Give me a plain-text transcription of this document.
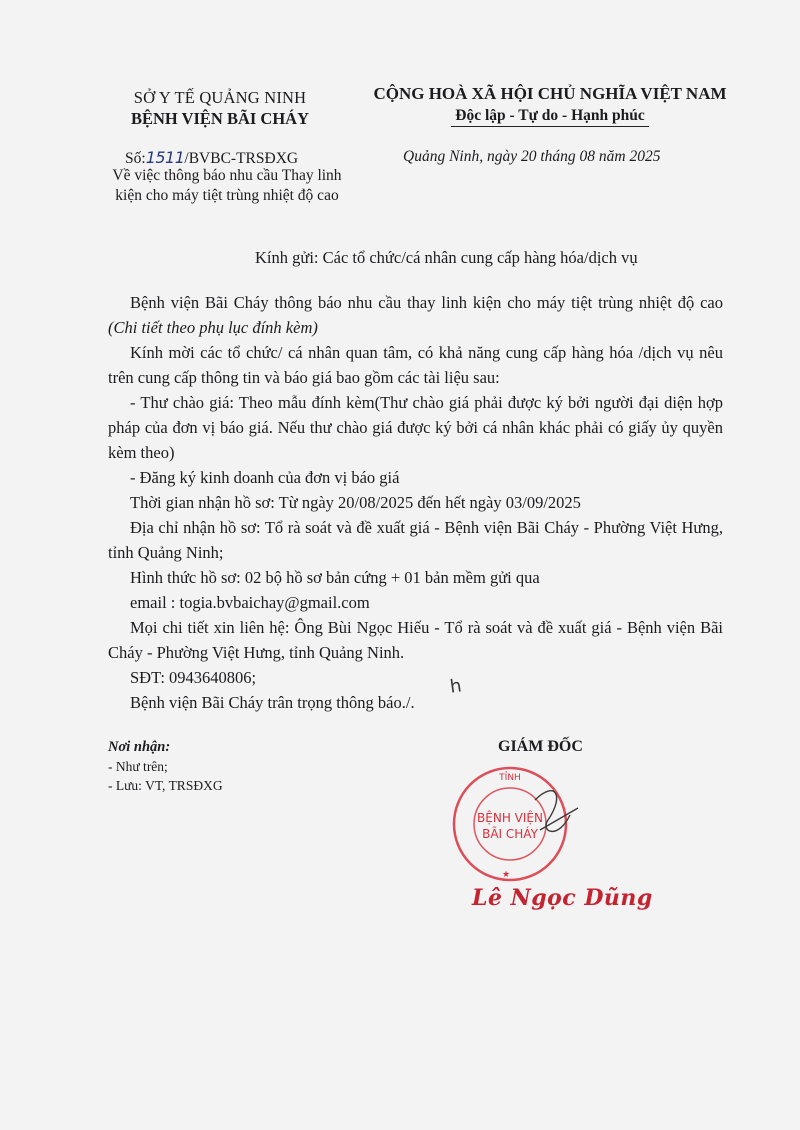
SỞ Y TẾ QUẢNG NINH
BỆNH VIỆN BÃI CHÁY
CỘNG HOÀ XÃ HỘI CHỦ NGHĨA VIỆT NAM
Độc lập - Tự do - Hạnh phúc
Số:1511/BVBC-TRSĐXG
Về việc thông báo nhu cầu Thay linh kiện cho máy tiệt trùng nhiệt độ cao
Quảng Ninh, ngày 20 tháng 08 năm 2025
Kính gửi: Các tổ chức/cá nhân cung cấp hàng hóa/dịch vụ

Bệnh viện Bãi Cháy thông báo nhu cầu thay linh kiện cho máy tiệt trùng nhiệt độ cao (Chi tiết theo phụ lục đính kèm)

Kính mời các tổ chức/ cá nhân quan tâm, có khả năng cung cấp hàng hóa /dịch vụ nêu trên cung cấp thông tin và báo giá bao gồm các tài liệu sau:

- Thư chào giá: Theo mẫu đính kèm(Thư chào giá phải được ký bởi người đại diện hợp pháp của đơn vị báo giá. Nếu thư chào giá được ký bởi cá nhân khác phải có giấy ủy quyền kèm theo)

- Đăng ký kinh doanh của đơn vị báo giá

Thời gian nhận hồ sơ: Từ ngày 20/08/2025 đến hết ngày 03/09/2025

Địa chỉ nhận hồ sơ: Tổ rà soát và đề xuất giá - Bệnh viện Bãi Cháy - Phường Việt Hưng, tỉnh Quảng Ninh;

Hình thức hồ sơ: 02 bộ hồ sơ bản cứng + 01 bản mềm gửi qua

email : togia.bvbaichay@gmail.com

Mọi chi tiết xin liên hệ: Ông Bùi Ngọc Hiếu - Tổ rà soát và đề xuất giá - Bệnh viện Bãi Cháy - Phường Việt Hưng, tỉnh Quảng Ninh.

SĐT: 0943640806;

Bệnh viện Bãi Cháy trân trọng thông báo./.

h
Nơi nhận:
- Như trên;
- Lưu: VT, TRSĐXG
GIÁM ĐỐC
TỈNH
BỆNH VIỆN
BÃI CHÁY
★
Lê Ngọc Dũng
